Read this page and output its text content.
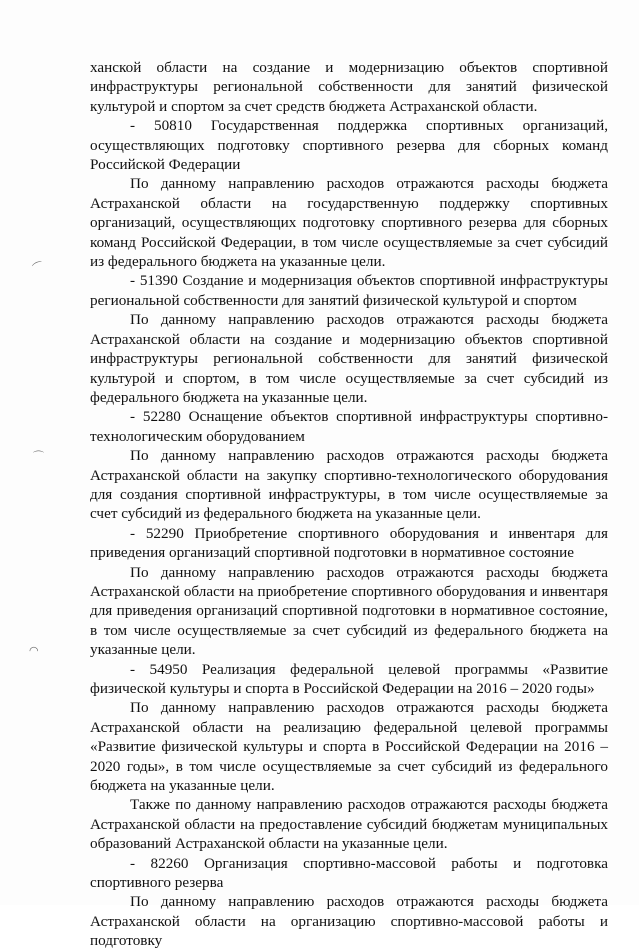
⌒
⌒
◠

ханской области на создание и модернизацию объектов спортивной инфраструктуры региональной собственности для занятий физической культурой и спортом за счет средств бюджета Астраханской области.

- 50810 Государственная поддержка спортивных организаций, осуществляющих подготовку спортивного резерва для сборных команд Российской Федерации

По данному направлению расходов отражаются расходы бюджета Астраханской области на государственную поддержку спортивных организаций, осуществляющих подготовку спортивного резерва для сборных команд Российской Федерации, в том числе осуществляемые за счет субсидий из федерального бюджета на указанные цели.

- 51390 Создание и модернизация объектов спортивной инфраструктуры региональной собственности для занятий физической культурой и спортом

По данному направлению расходов отражаются расходы бюджета Астраханской области на создание и модернизацию объектов спортивной инфраструктуры региональной собственности для занятий физической культурой и спортом, в том числе осуществляемые за счет субсидий из федерального бюджета на указанные цели.

- 52280 Оснащение объектов спортивной инфраструктуры спортивно-технологическим оборудованием

По данному направлению расходов отражаются расходы бюджета Астраханской области на закупку спортивно-технологического оборудования для создания спортивной инфраструктуры, в том числе осуществляемые за счет субсидий из федерального бюджета на указанные цели.

- 52290 Приобретение спортивного оборудования и инвентаря для приведения организаций спортивной подготовки в нормативное состояние

По данному направлению расходов отражаются расходы бюджета Астраханской области на приобретение спортивного оборудования и инвентаря для приведения организаций спортивной подготовки в нормативное состояние, в том числе осуществляемые за счет субсидий из федерального бюджета на указанные цели.

- 54950 Реализация федеральной целевой программы «Развитие физической культуры и спорта в Российской Федерации на 2016 – 2020 годы»

По данному направлению расходов отражаются расходы бюджета Астраханской области на реализацию федеральной целевой программы «Развитие физической культуры и спорта в Российской Федерации на 2016 – 2020 годы», в том числе осуществляемые за счет субсидий из федерального бюджета на указанные цели.

Также по данному направлению расходов отражаются расходы бюджета Астраханской области на предоставление субсидий бюджетам муниципальных образований Астраханской области на указанные цели.

- 82260 Организация спортивно-массовой работы и подготовка спортивного резерва

По данному направлению расходов отражаются расходы бюджета Астраханской области на организацию спортивно-массовой работы и подготовку
